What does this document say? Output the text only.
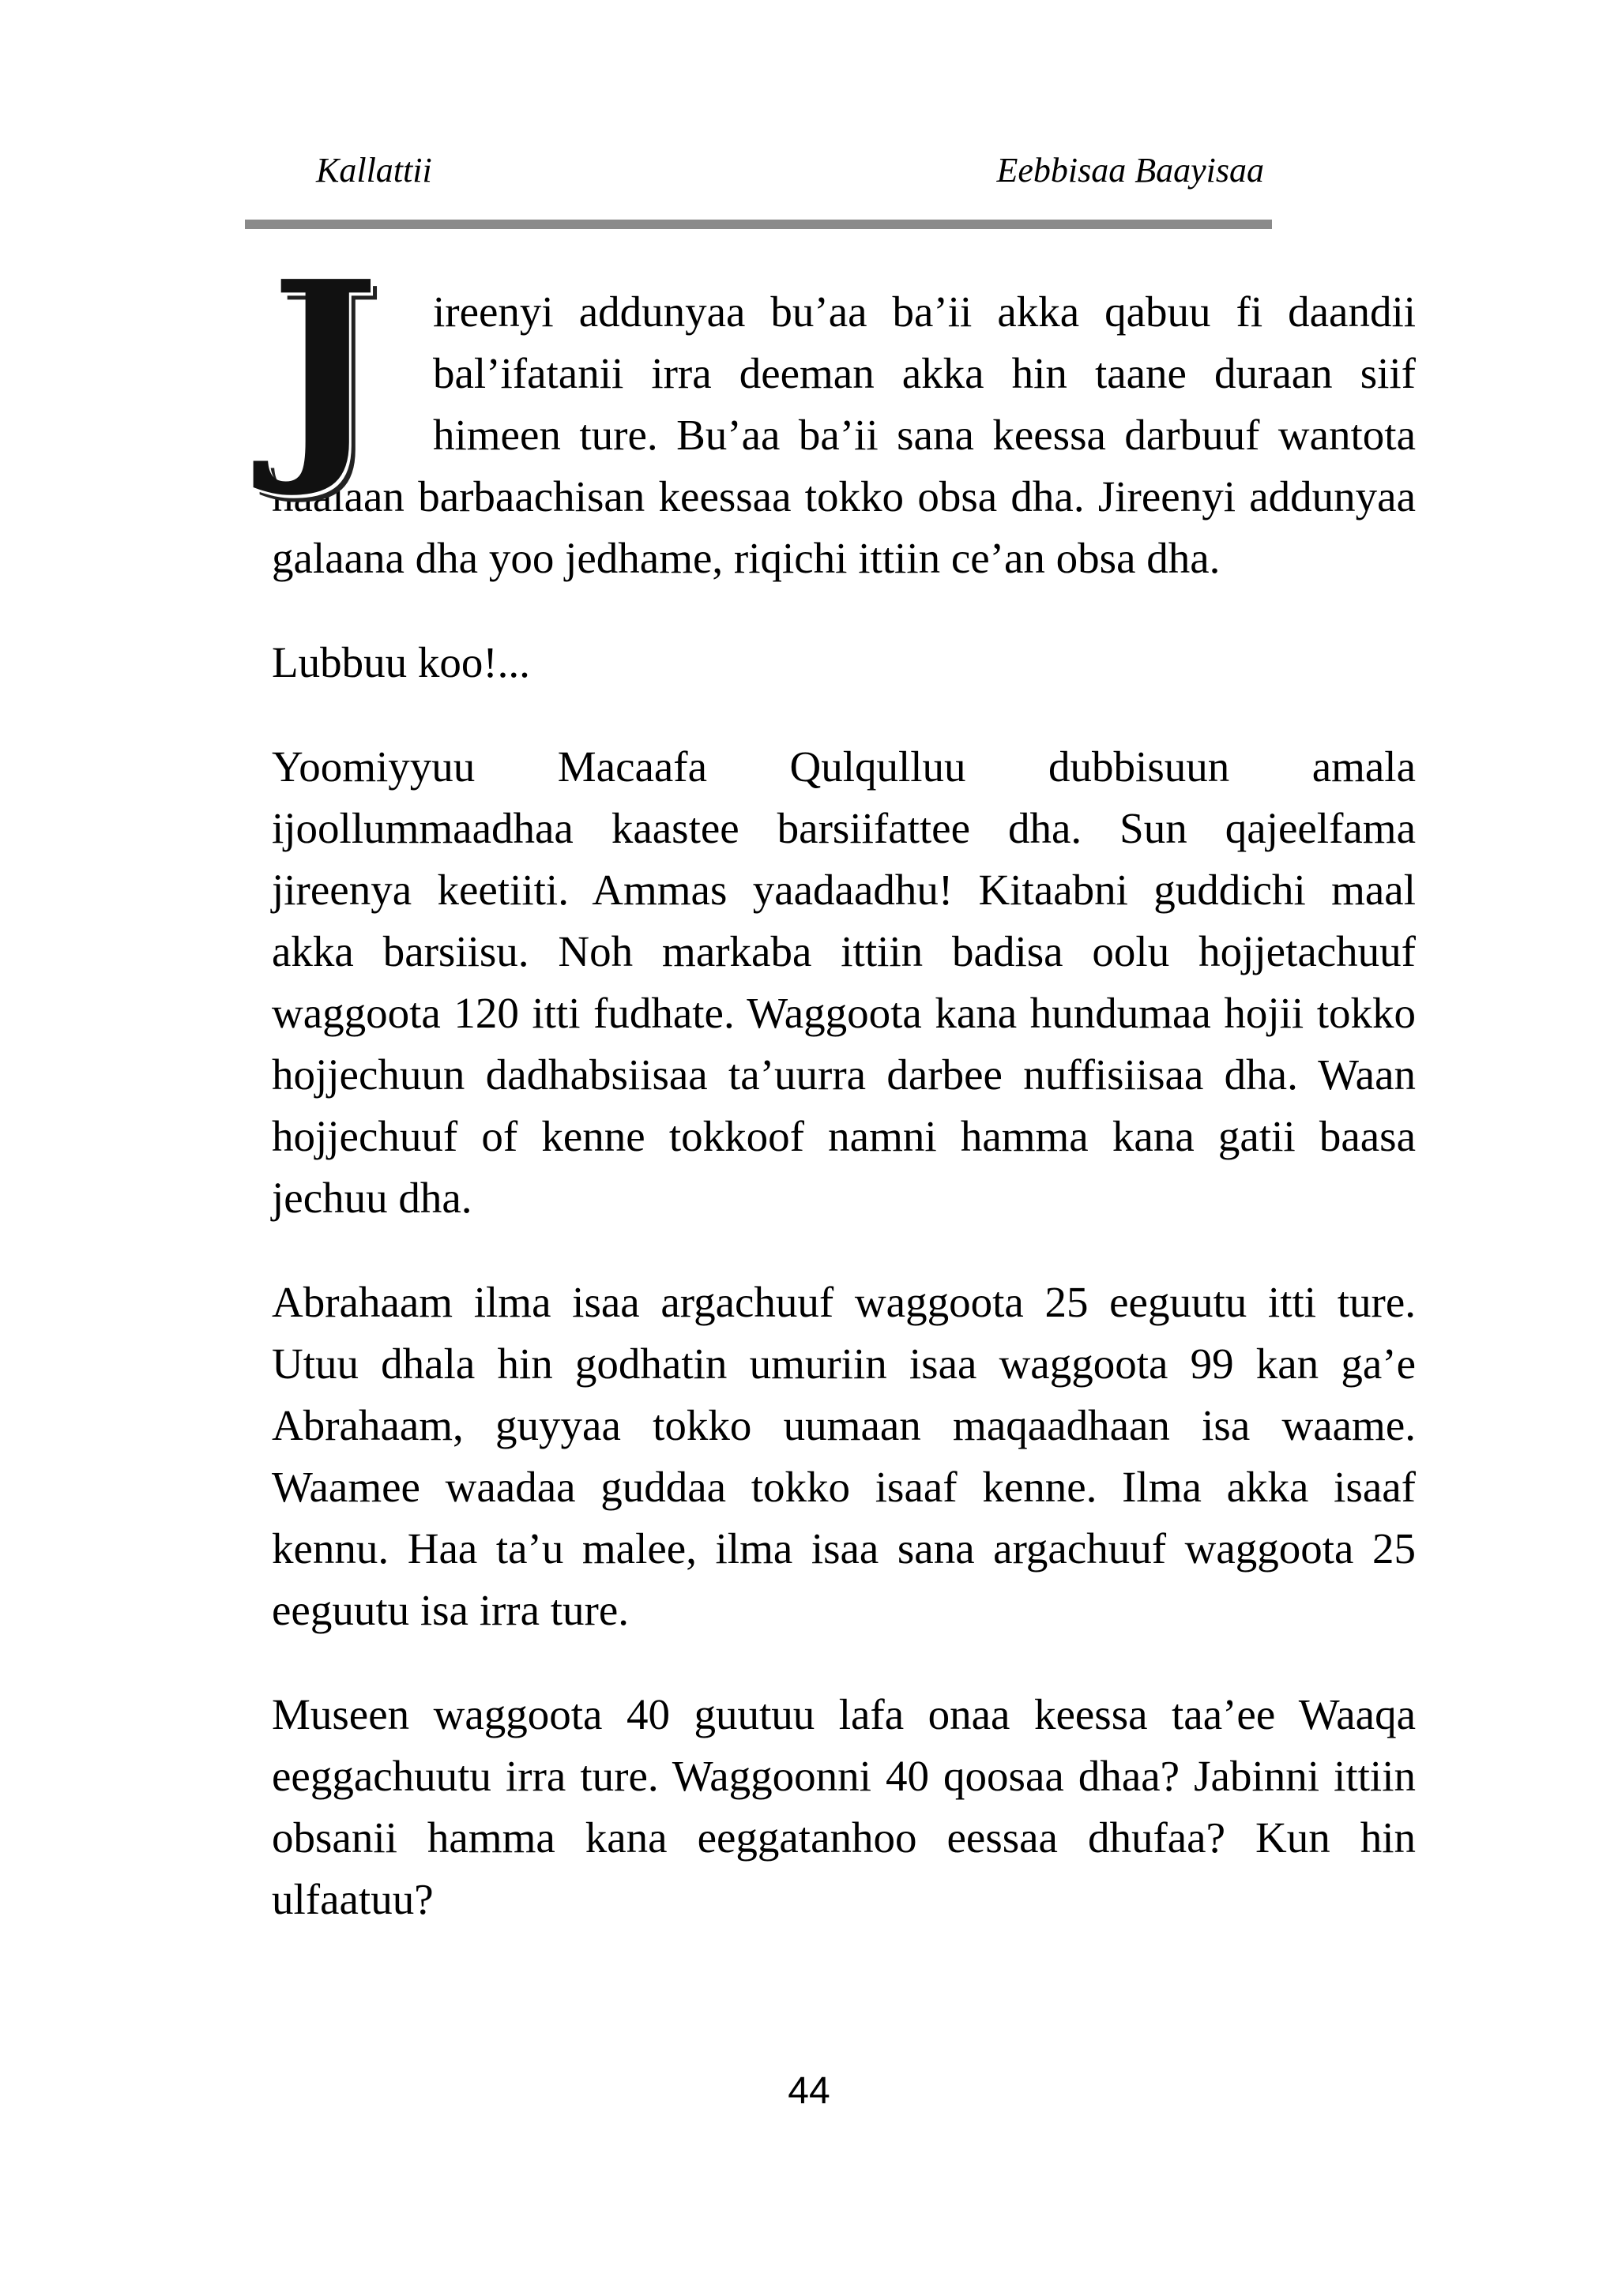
Kallattii	Eebbisaa Baayisaa

J ireenyi addunyaa bu’aa ba’ii akka qabuu fi daandii bal’ifatanii irra deeman akka hin taane duraan siif himeen ture. Bu’aa ba’ii sana keessa darbuuf wantota haalaan barbaachisan keessaa tokko obsa dha. Jireenyi addunyaa galaana dha yoo jedhame, riqichi ittiin ce’an obsa dha.

Lubbuu koo!...

Yoomiyyuu Macaafa Qulqulluu dubbisuun amala ijoollummaadhaa kaastee barsiifattee dha. Sun qajeelfama jireenya keetiiti. Ammas yaadaadhu! Kitaabni guddichi maal akka barsiisu. Noh markaba ittiin badisa oolu hojjetachuuf waggoota 120 itti fudhate. Waggoota kana hundumaa hojii tokko hojjechuun dadhabsiisaa ta’uurra darbee nuffisiisaa dha. Waan hojjechuuf of kenne tokkoof namni hamma kana gatii baasa jechuu dha.

Abrahaam ilma isaa argachuuf waggoota 25 eeguutu itti ture. Utuu dhala hin godhatin umuriin isaa waggoota 99 kan ga’e Abrahaam, guyyaa tokko uumaan maqaadhaan isa waame. Waamee waadaa guddaa tokko isaaf kenne. Ilma akka isaaf kennu. Haa ta’u malee, ilma isaa sana argachuuf waggoota 25 eeguutu isa irra ture.

Museen waggoota 40 guutuu lafa onaa keessa taa’ee Waaqa eeggachuutu irra ture. Waggoonni 40 qoosaa dhaa? Jabinni ittiin obsanii hamma kana eeggatanhoo eessaa dhufaa? Kun hin ulfaatuu?

44
